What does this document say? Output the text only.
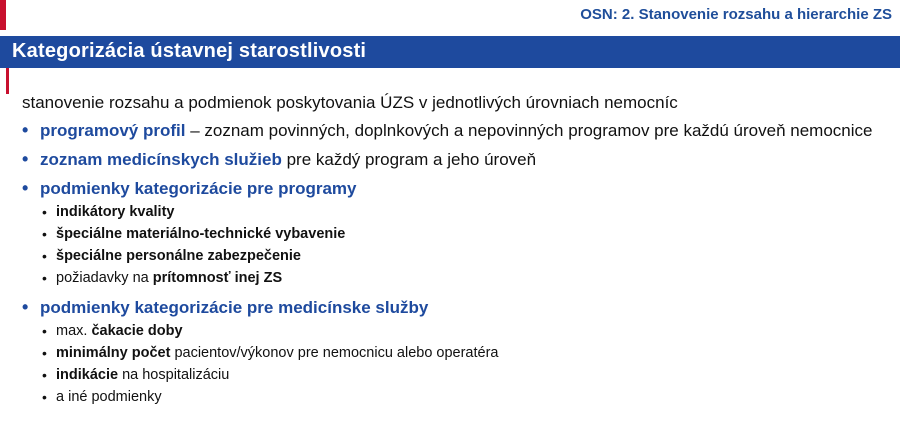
OSN: 2. Stanovenie rozsahu a hierarchie ZS
Kategorizácia ústavnej starostlivosti
stanovenie rozsahu a podmienok poskytovania ÚZS v jednotlivých úrovniach nemocníc
• programový profil – zoznam povinných, doplnkových a nepovinných programov pre každú úroveň nemocnice
• zoznam medicínskych služieb pre každý program a jeho úroveň
• podmienky kategorizácie pre programy
• indikátory kvality
• špeciálne materiálno-technické vybavenie
• špeciálne personálne zabezpečenie
• požiadavky na prítomnosť inej ZS
• podmienky kategorizácie pre medicínske služby
• max. čakacie doby
• minimálny počet pacientov/výkonov pre nemocnicu alebo operatéra
• indikácie na hospitalizáciu
• a iné podmienky
